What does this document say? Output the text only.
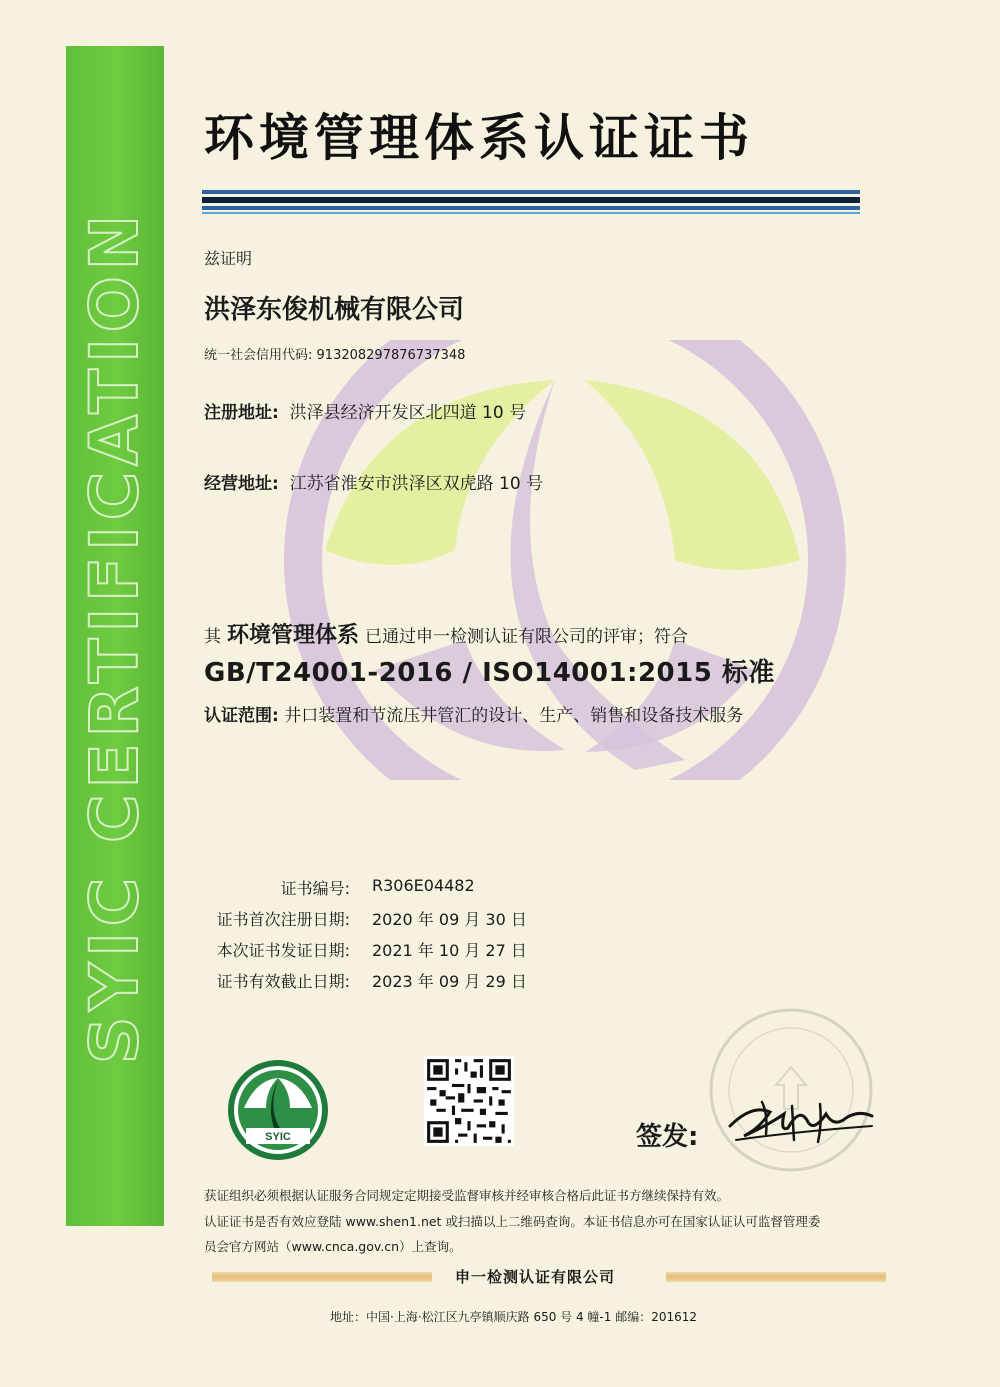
SYIC CERTIFICATION
环境管理体系认证证书
兹证明
洪泽东俊机械有限公司
统一社会信用代码: 913208297876737348
注册地址: 洪泽县经济开发区北四道 10 号
经营地址: 江苏省淮安市洪泽区双虎路 10 号
其 环境管理体系 已通过申一检测认证有限公司的评审；符合
GB/T24001-2016 / ISO14001:2015 标准
认证范围: 井口装置和节流压井管汇的设计、生产、销售和设备技术服务
证书编号: R306E04482
证书首次注册日期: 2020 年 09 月 30 日
本次证书发证日期: 2021 年 10 月 27 日
证书有效截止日期: 2023 年 09 月 29 日
SYIC	签发:
获证组织必须根据认证服务合同规定定期接受监督审核并经审核合格后此证书方继续保持有效。
认证证书是否有效应登陆 www.shen1.net 或扫描以上二维码查询。本证书信息亦可在国家认证认可监督管理委
员会官方网站（www.cnca.gov.cn）上查询。
申一检测认证有限公司
地址：中国·上海·松江区九亭镇顺庆路 650 号 4 幢-1 邮编：201612
